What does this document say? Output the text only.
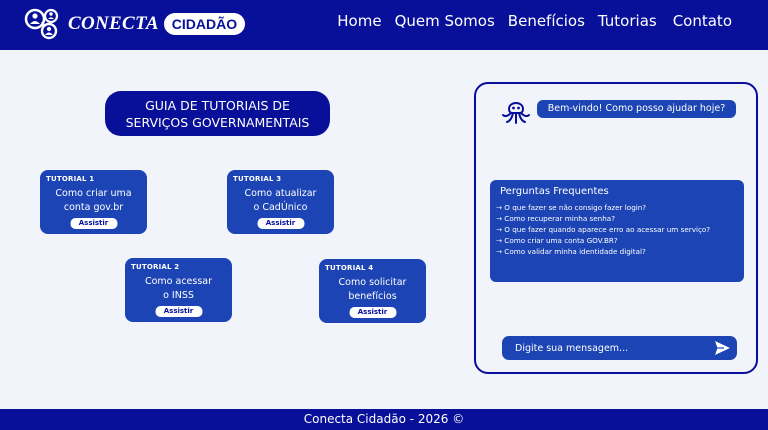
CONECTA CIDADÃO	Home Quem Somos Benefícios Tutorias Contato
GUIA DE TUTORIAIS DE
SERVIÇOS GOVERNAMENTAIS
TUTORIAL 1
Como criar uma
conta gov.br
Assistir
TUTORIAL 3
Como atualizar
o CadÚnico
Assistir
TUTORIAL 2
Como acessar
o INSS
Assistir
TUTORIAL 4
Como solicitar
benefícios
Assistir
Bem-vindo! Como posso ajudar hoje?
Perguntas Frequentes
→ O que fazer se não consigo fazer login?
→ Como recuperar minha senha?
→ O que fazer quando aparece erro ao acessar um serviço?
→ Como criar uma conta GOV.BR?
→ Como validar minha identidade digital?
Digite sua mensagem...
Conecta Cidadão - 2026 ©
